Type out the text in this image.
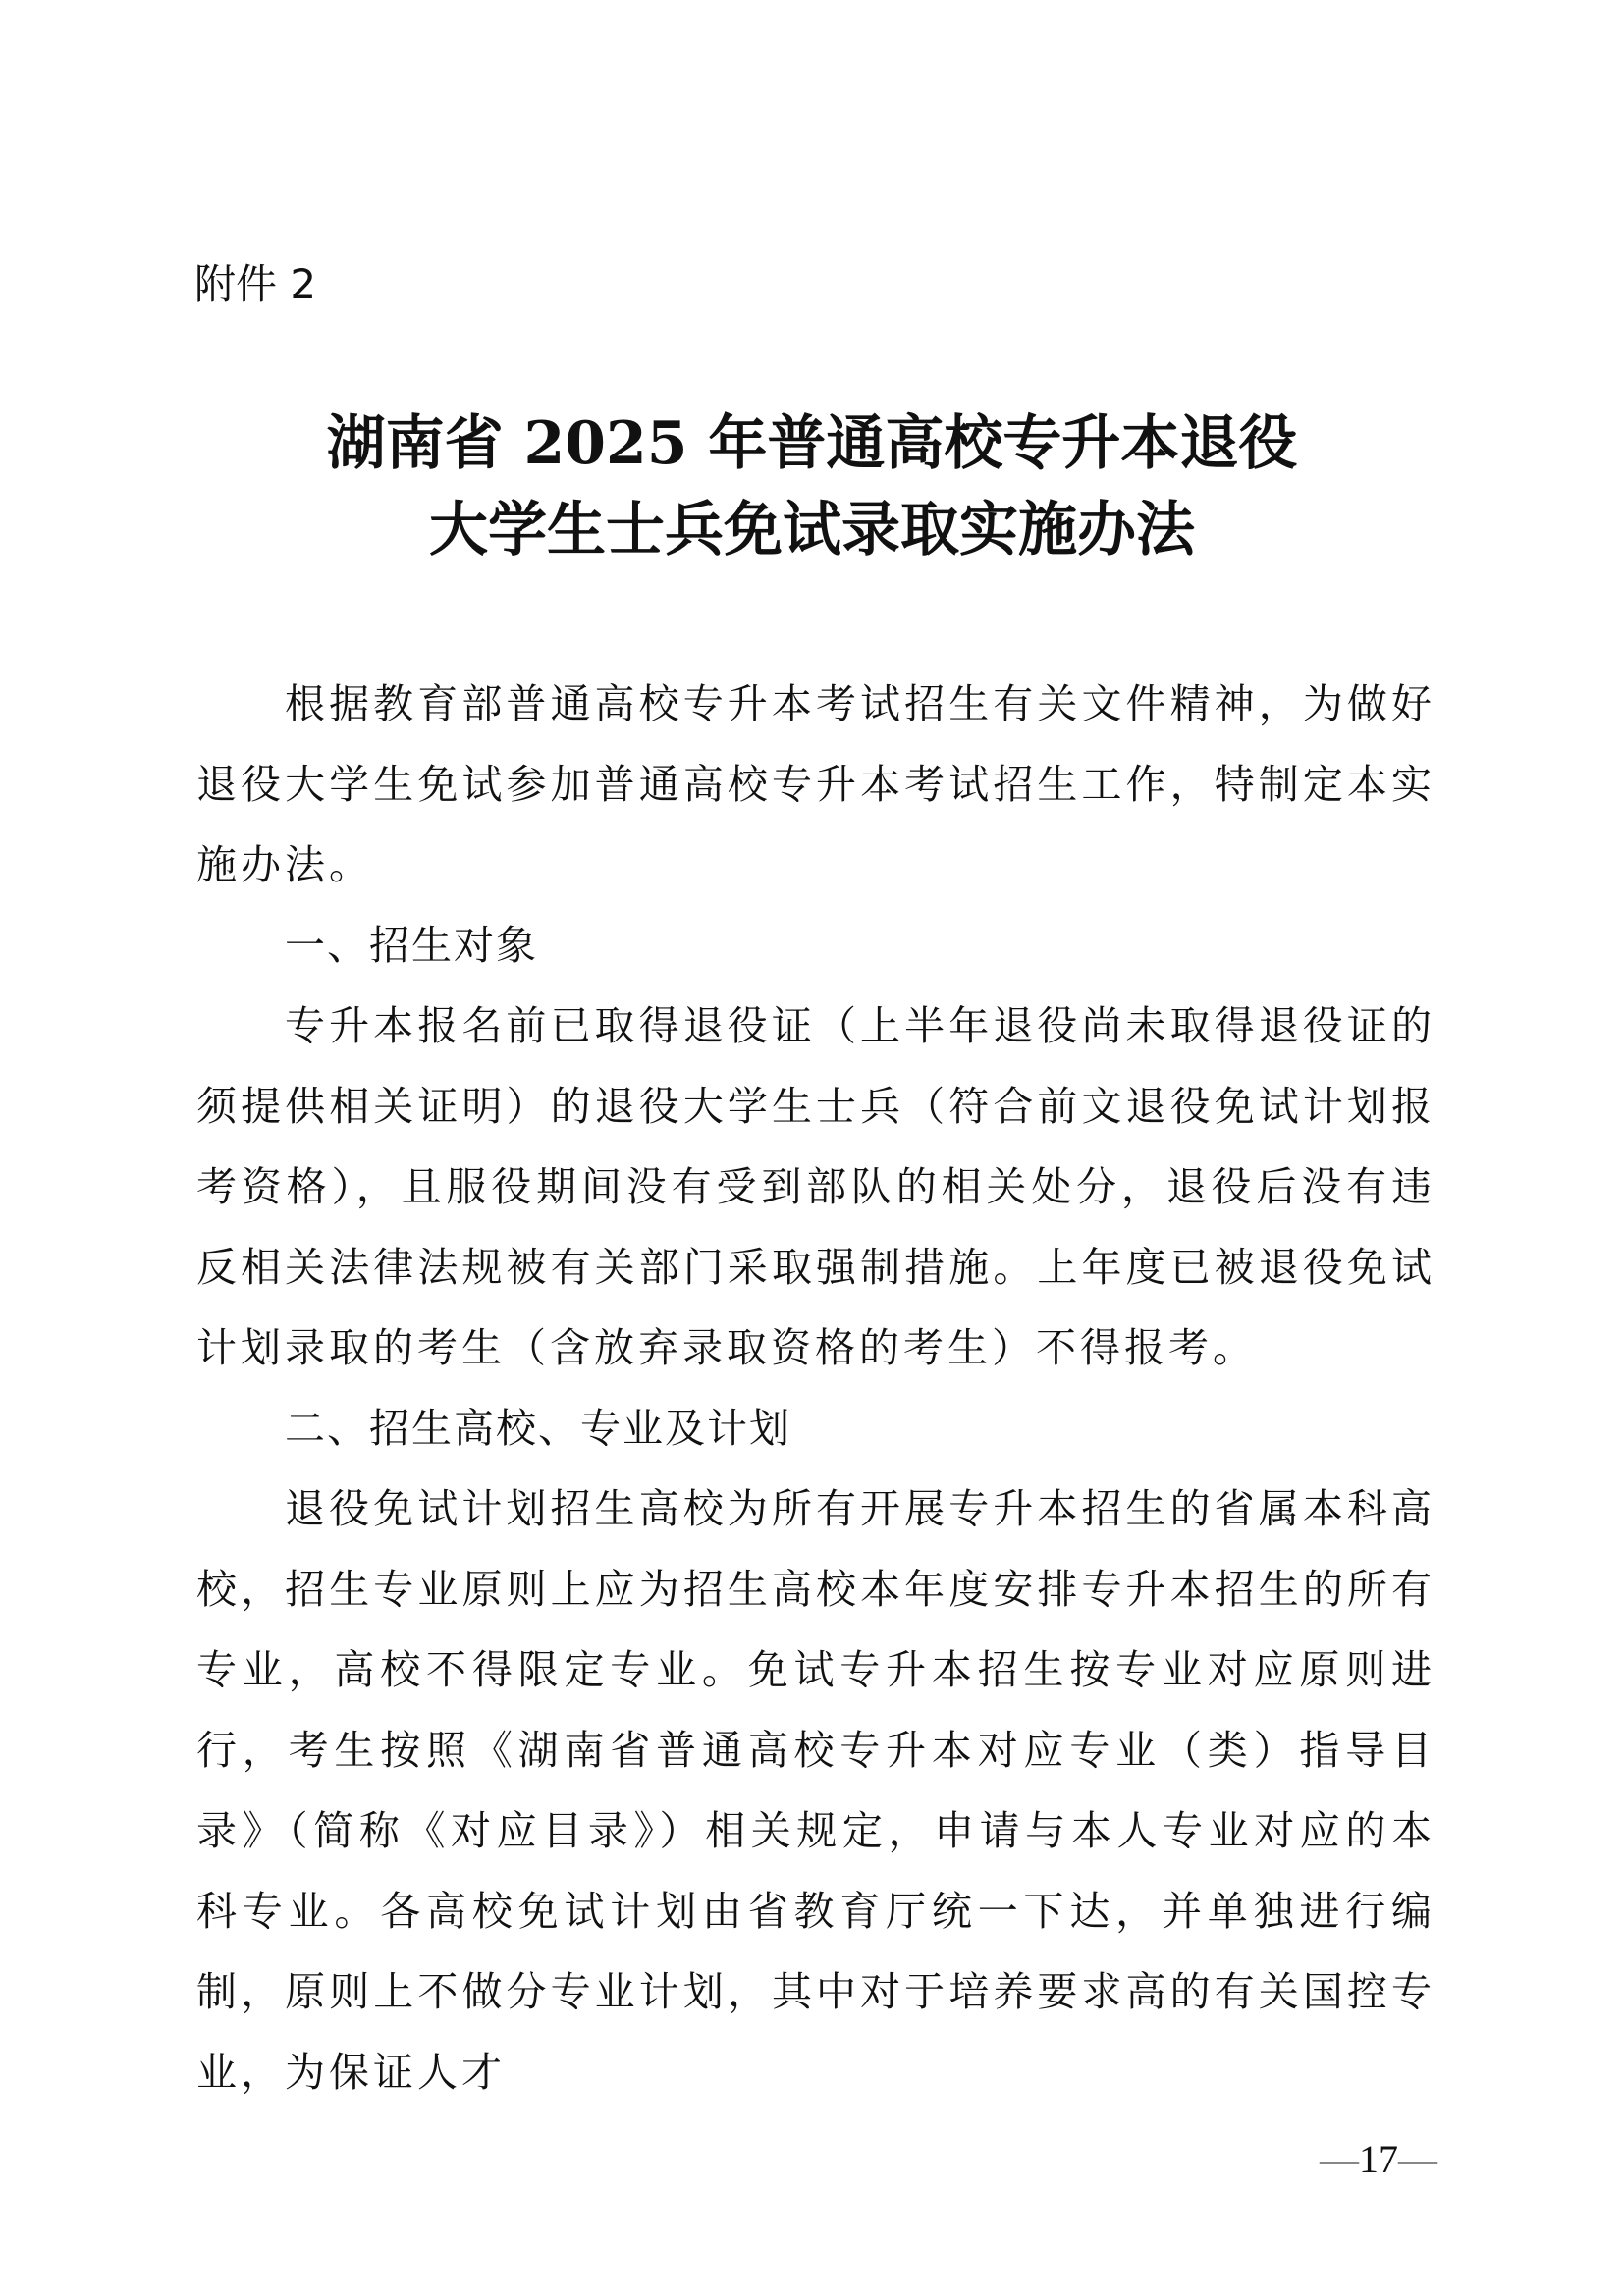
附件 2

湖南省 2025 年普通高校专升本退役
大学生士兵免试录取实施办法

根据教育部普通高校专升本考试招生有关文件精神，为做好退役大学生免试参加普通高校专升本考试招生工作，特制定本实施办法。

一、招生对象

专升本报名前已取得退役证（上半年退役尚未取得退役证的须提供相关证明）的退役大学生士兵（符合前文退役免试计划报考资格），且服役期间没有受到部队的相关处分，退役后没有违反相关法律法规被有关部门采取强制措施。上年度已被退役免试计划录取的考生（含放弃录取资格的考生）不得报考。

二、招生高校、专业及计划

退役免试计划招生高校为所有开展专升本招生的省属本科高校，招生专业原则上应为招生高校本年度安排专升本招生的所有专业，高校不得限定专业。免试专升本招生按专业对应原则进行，考生按照《湖南省普通高校专升本对应专业（类）指导目录》（简称《对应目录》）相关规定，申请与本人专业对应的本科专业。各高校免试计划由省教育厅统一下达，并单独进行编制，原则上不做分专业计划，其中对于培养要求高的有关国控专业，为保证人才

—17—
